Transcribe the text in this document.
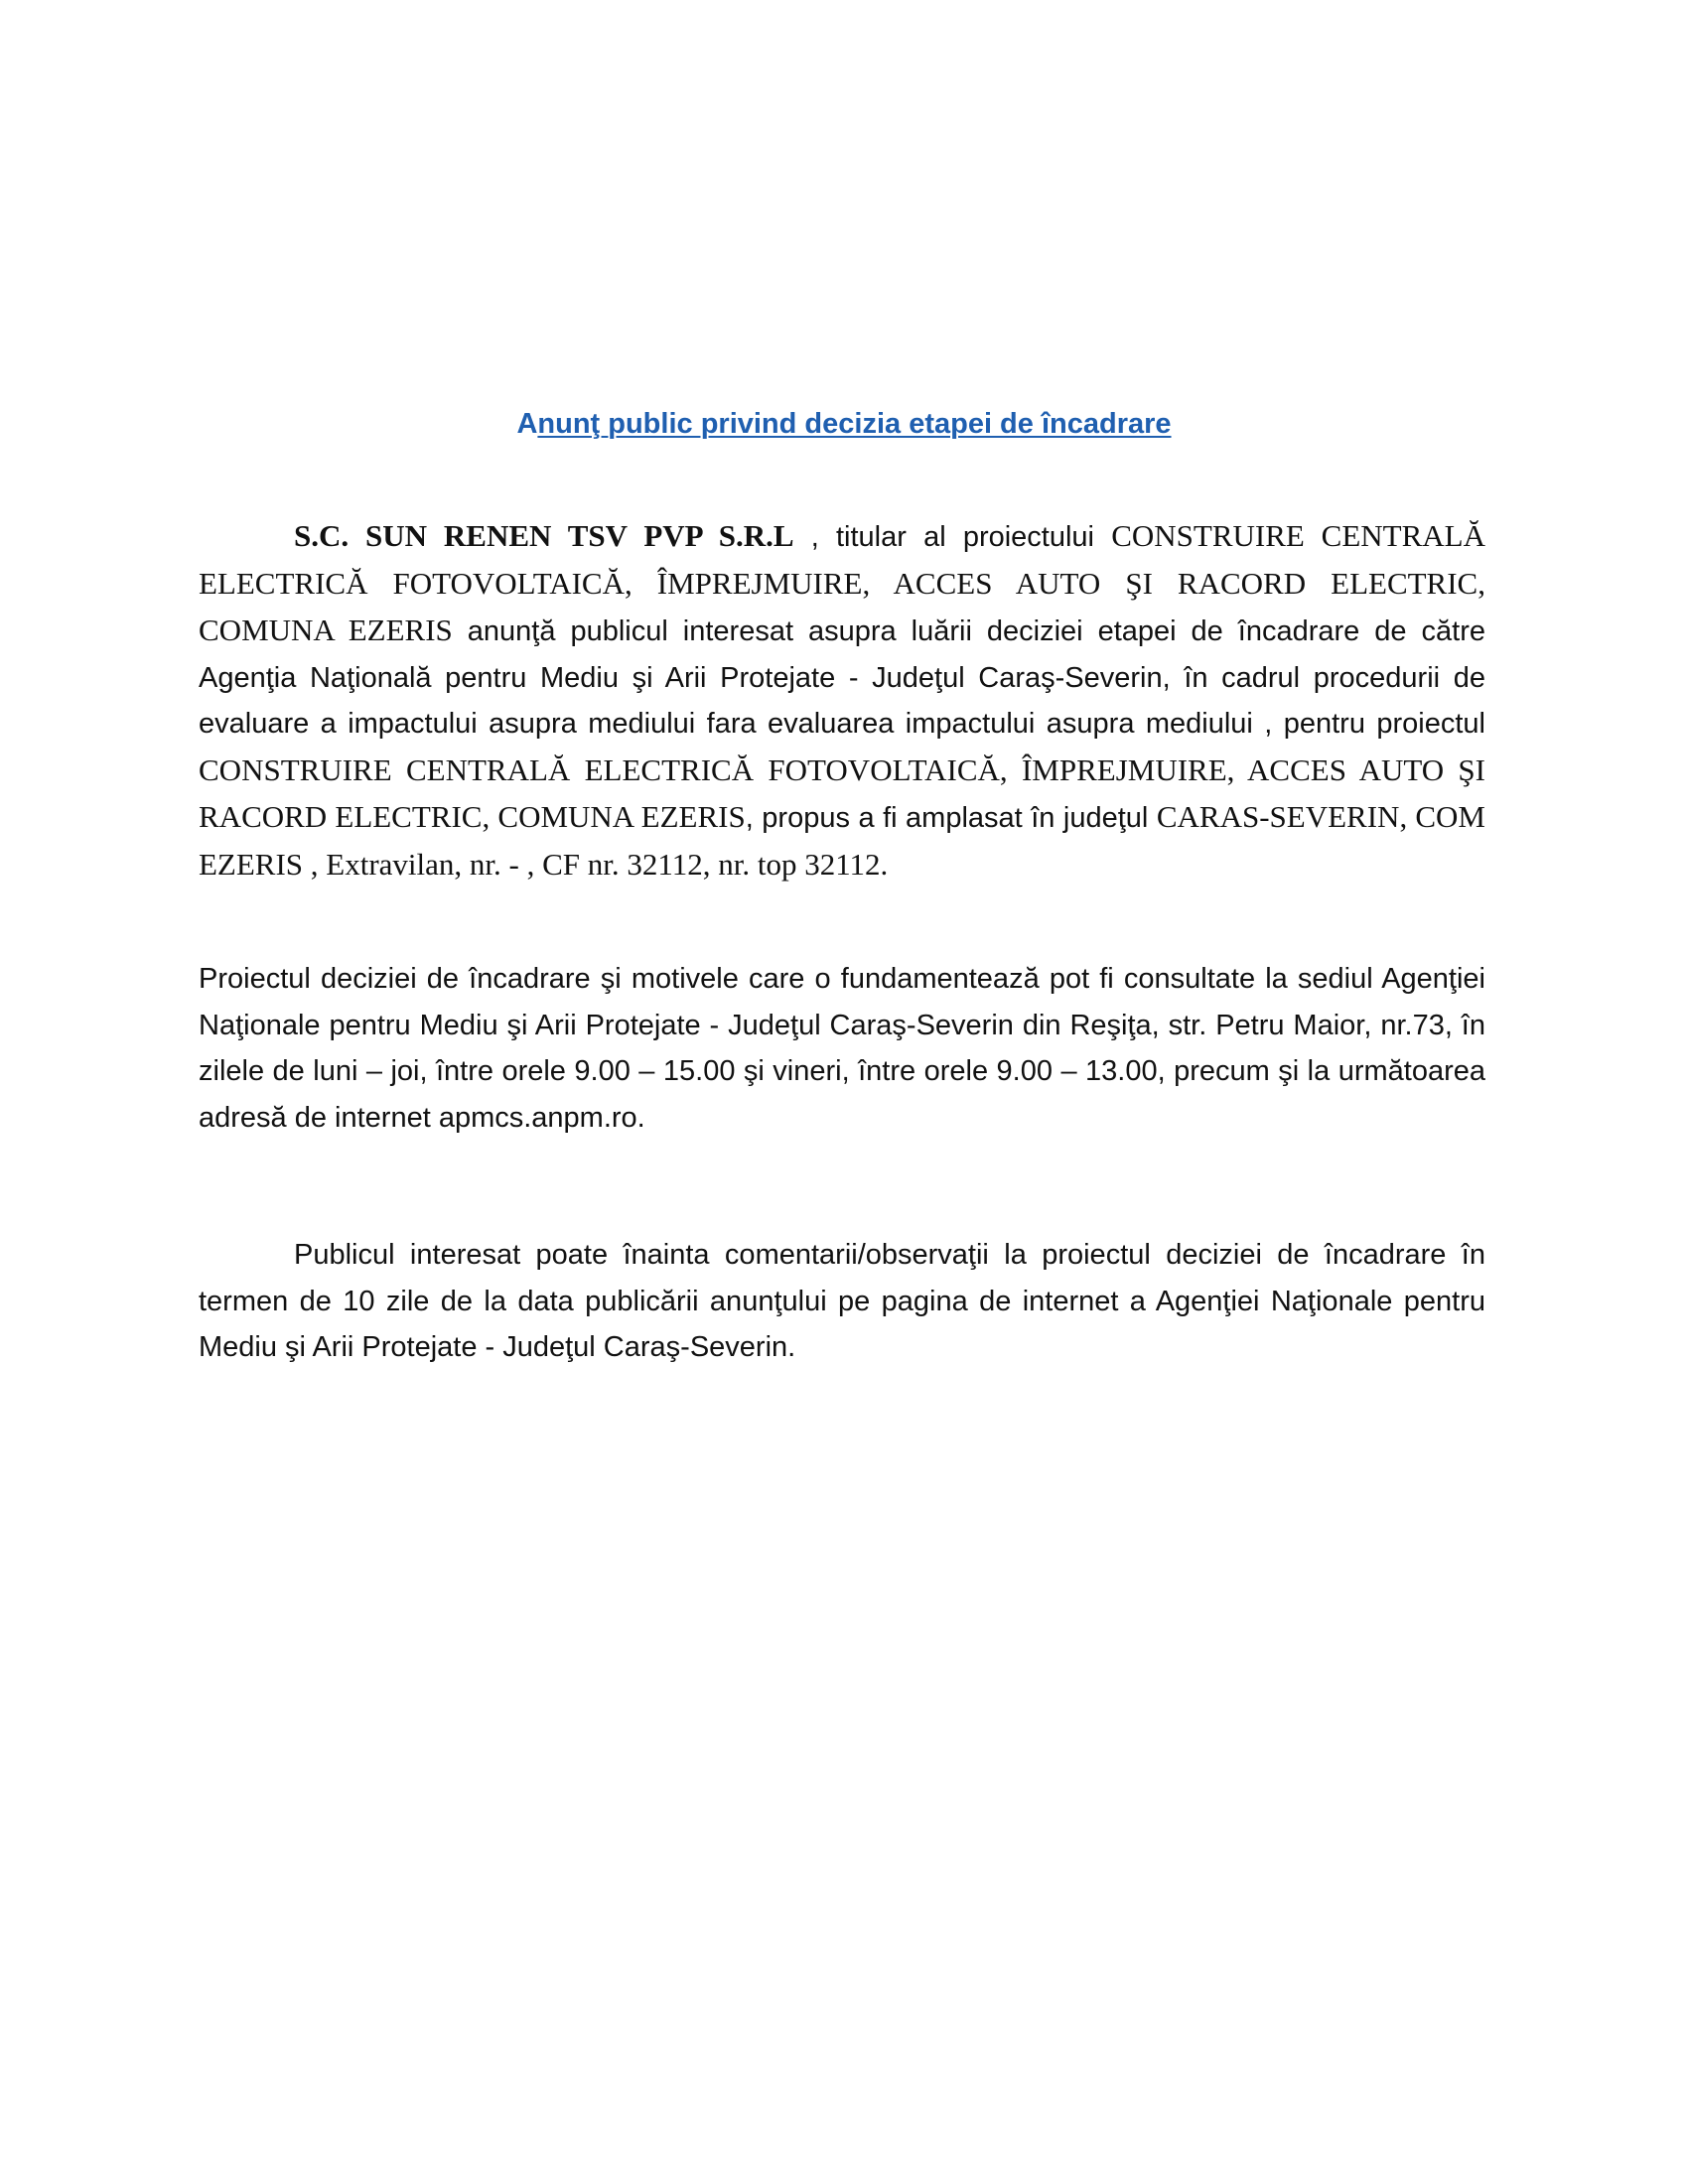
Anunţ public privind decizia etapei de încadrare

S.C. SUN RENEN TSV PVP S.R.L , titular al proiectului CONSTRUIRE CENTRALĂ ELECTRICĂ FOTOVOLTAICĂ, ÎMPREJMUIRE, ACCES AUTO ŞI RACORD ELECTRIC, COMUNA EZERIS anunţă publicul interesat asupra luării deciziei etapei de încadrare de către Agenţia Naţională pentru Mediu şi Arii Protejate - Judeţul Caraş-Severin, în cadrul procedurii de evaluare a impactului asupra mediului fara evaluarea impactului asupra mediului , pentru proiectul CONSTRUIRE CENTRALĂ ELECTRICĂ FOTOVOLTAICĂ, ÎMPREJMUIRE, ACCES AUTO ŞI RACORD ELECTRIC, COMUNA EZERIS, propus a fi amplasat în judeţul CARAS-SEVERIN, COM EZERIS , Extravilan, nr. - , CF nr. 32112, nr. top 32112.

Proiectul deciziei de încadrare şi motivele care o fundamentează pot fi consultate la sediul Agenţiei Naţionale pentru Mediu şi Arii Protejate - Judeţul Caraş-Severin din Reşiţa, str. Petru Maior, nr.73, în zilele de luni – joi, între orele 9.00 – 15.00 şi vineri, între orele 9.00 – 13.00, precum şi la următoarea adresă de internet apmcs.anpm.ro.

Publicul interesat poate înainta comentarii/observaţii la proiectul deciziei de încadrare în termen de 10 zile de la data publicării anunţului pe pagina de internet a Agenţiei Naţionale pentru Mediu şi Arii Protejate - Judeţul Caraş-Severin.
